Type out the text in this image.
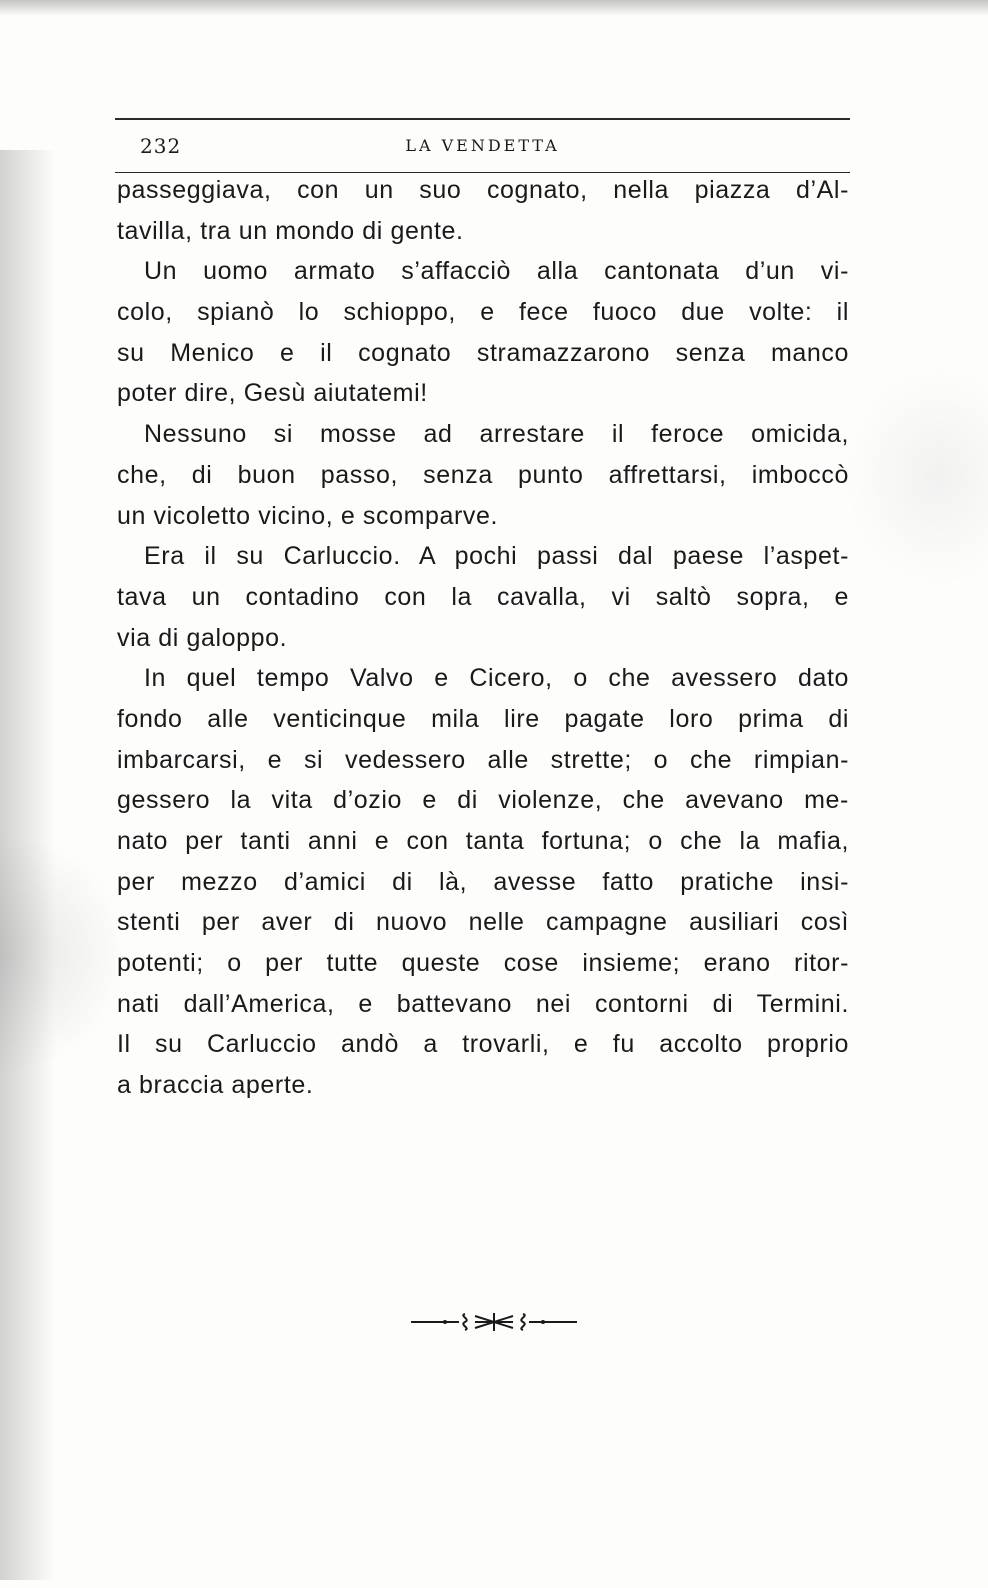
232	LA VENDETTA
passeggiava, con un suo cognato, nella piazza d’Al-
tavilla, tra un mondo di gente.
Un uomo armato s’affacciò alla cantonata d’un vi-
colo, spianò lo schioppo, e fece fuoco due volte: il
su Menico e il cognato stramazzarono senza manco
poter dire, Gesù aiutatemi!
Nessuno si mosse ad arrestare il feroce omicida,
che, di buon passo, senza punto affrettarsi, imboccò
un vicoletto vicino, e scomparve.
Era il su Carluccio. A pochi passi dal paese l’aspet-
tava un contadino con la cavalla, vi saltò sopra, e
via di galoppo.
In quel tempo Valvo e Cicero, o che avessero dato
fondo alle venticinque mila lire pagate loro prima di
imbarcarsi, e si vedessero alle strette; o che rimpian-
gessero la vita d’ozio e di violenze, che avevano me-
nato per tanti anni e con tanta fortuna; o che la mafia,
per mezzo d’amici di là, avesse fatto pratiche insi-
stenti per aver di nuovo nelle campagne ausiliari così
potenti; o per tutte queste cose insieme; erano ritor-
nati dall’America, e battevano nei contorni di Termini.
Il su Carluccio andò a trovarli, e fu accolto proprio
a braccia aperte.
